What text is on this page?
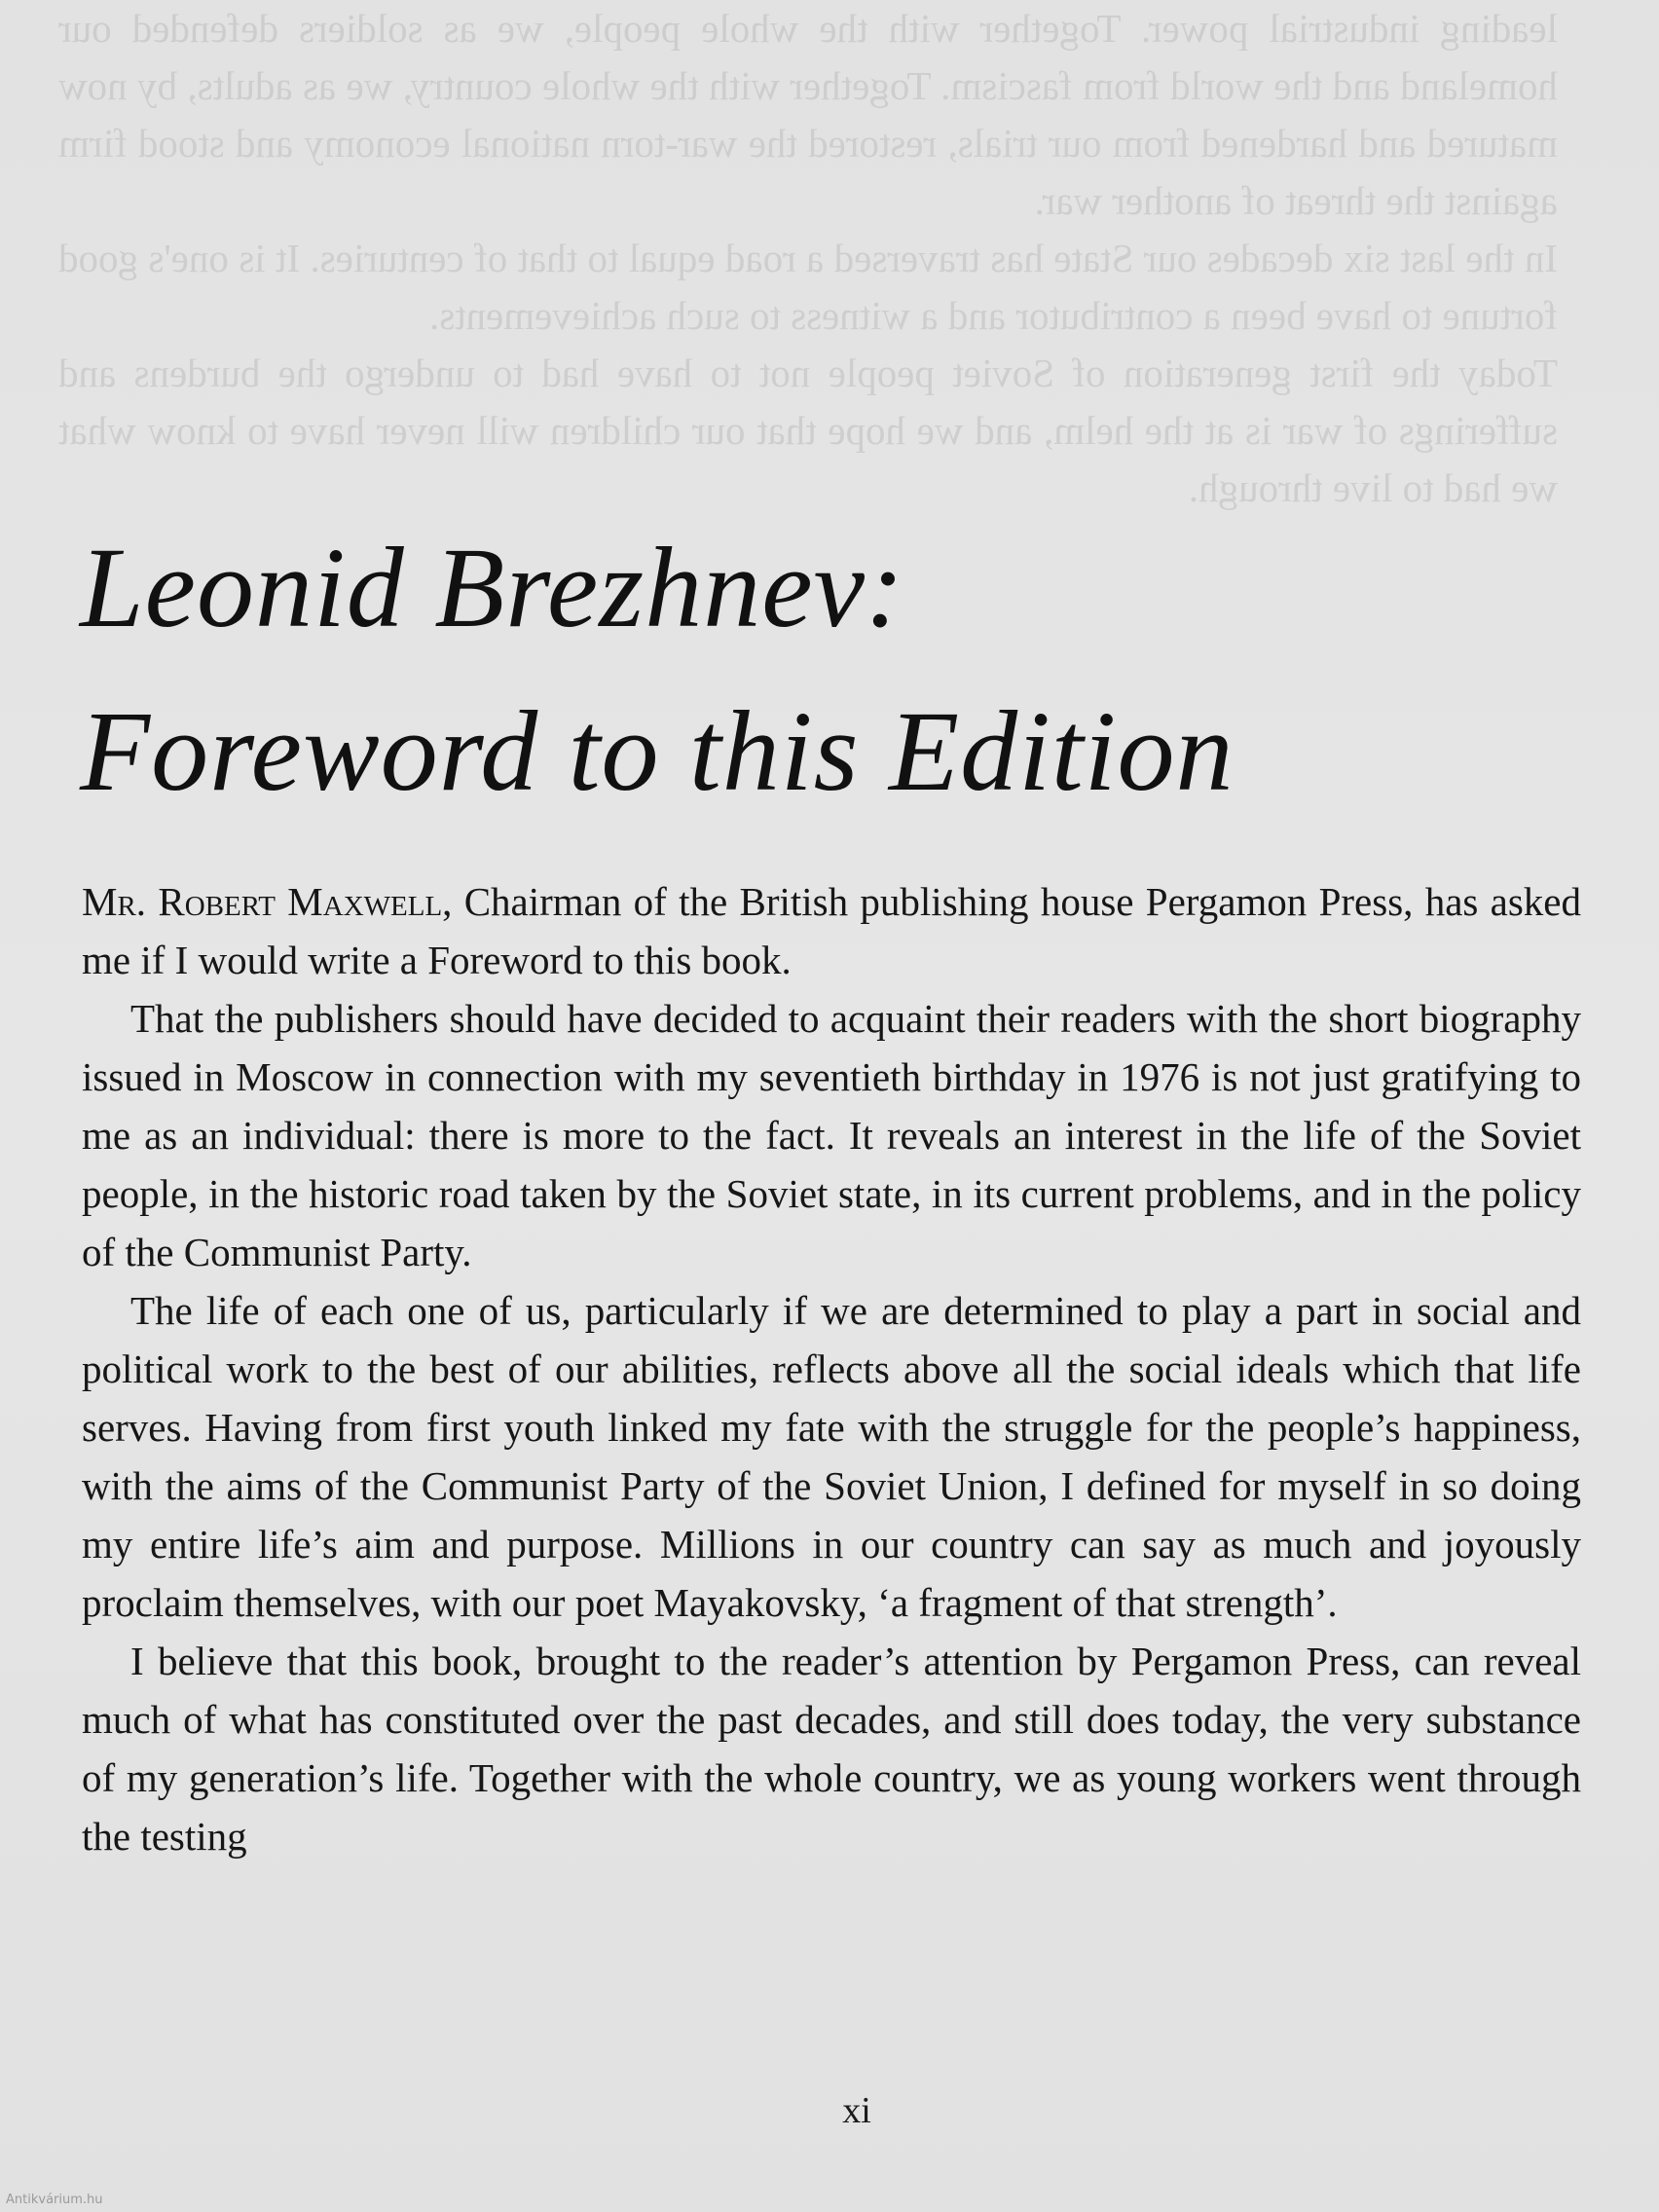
leading industrial power. Together with the whole people, we as soldiers defended our homeland and the world from fascism. Together with the whole country, we as adults, by now matured and hardened from our trials, restored the war-torn national economy and stood firm against the threat of another war.

In the last six decades our State has traversed a road equal to that of centuries. It is one's good fortune to have been a contributor and a witness to such achievements.

Today the first generation of Soviet people not to have had to undergo the burdens and sufferings of war is at the helm, and we hope that our children will never have to know what we had to live through.

Leonid Brezhnev:
Foreword to this Edition

Mr. Robert Maxwell, Chairman of the British publishing house Pergamon Press, has asked me if I would write a Foreword to this book.

That the publishers should have decided to acquaint their readers with the short biography issued in Moscow in connection with my seventieth birthday in 1976 is not just gratifying to me as an individual: there is more to the fact. It reveals an interest in the life of the Soviet people, in the historic road taken by the Soviet state, in its current problems, and in the policy of the Communist Party.

The life of each one of us, particularly if we are determined to play a part in social and political work to the best of our abilities, reflects above all the social ideals which that life serves. Having from first youth linked my fate with the struggle for the people’s happiness, with the aims of the Communist Party of the Soviet Union, I defined for myself in so doing my entire life’s aim and purpose. Millions in our country can say as much and joyously proclaim themselves, with our poet Mayakovsky, ‘a fragment of that strength’.

I believe that this book, brought to the reader’s attention by Pergamon Press, can reveal much of what has constituted over the past decades, and still does today, the very substance of my generation’s life. Together with the whole country, we as young workers went through the testing

xi
Antikvárium.hu
